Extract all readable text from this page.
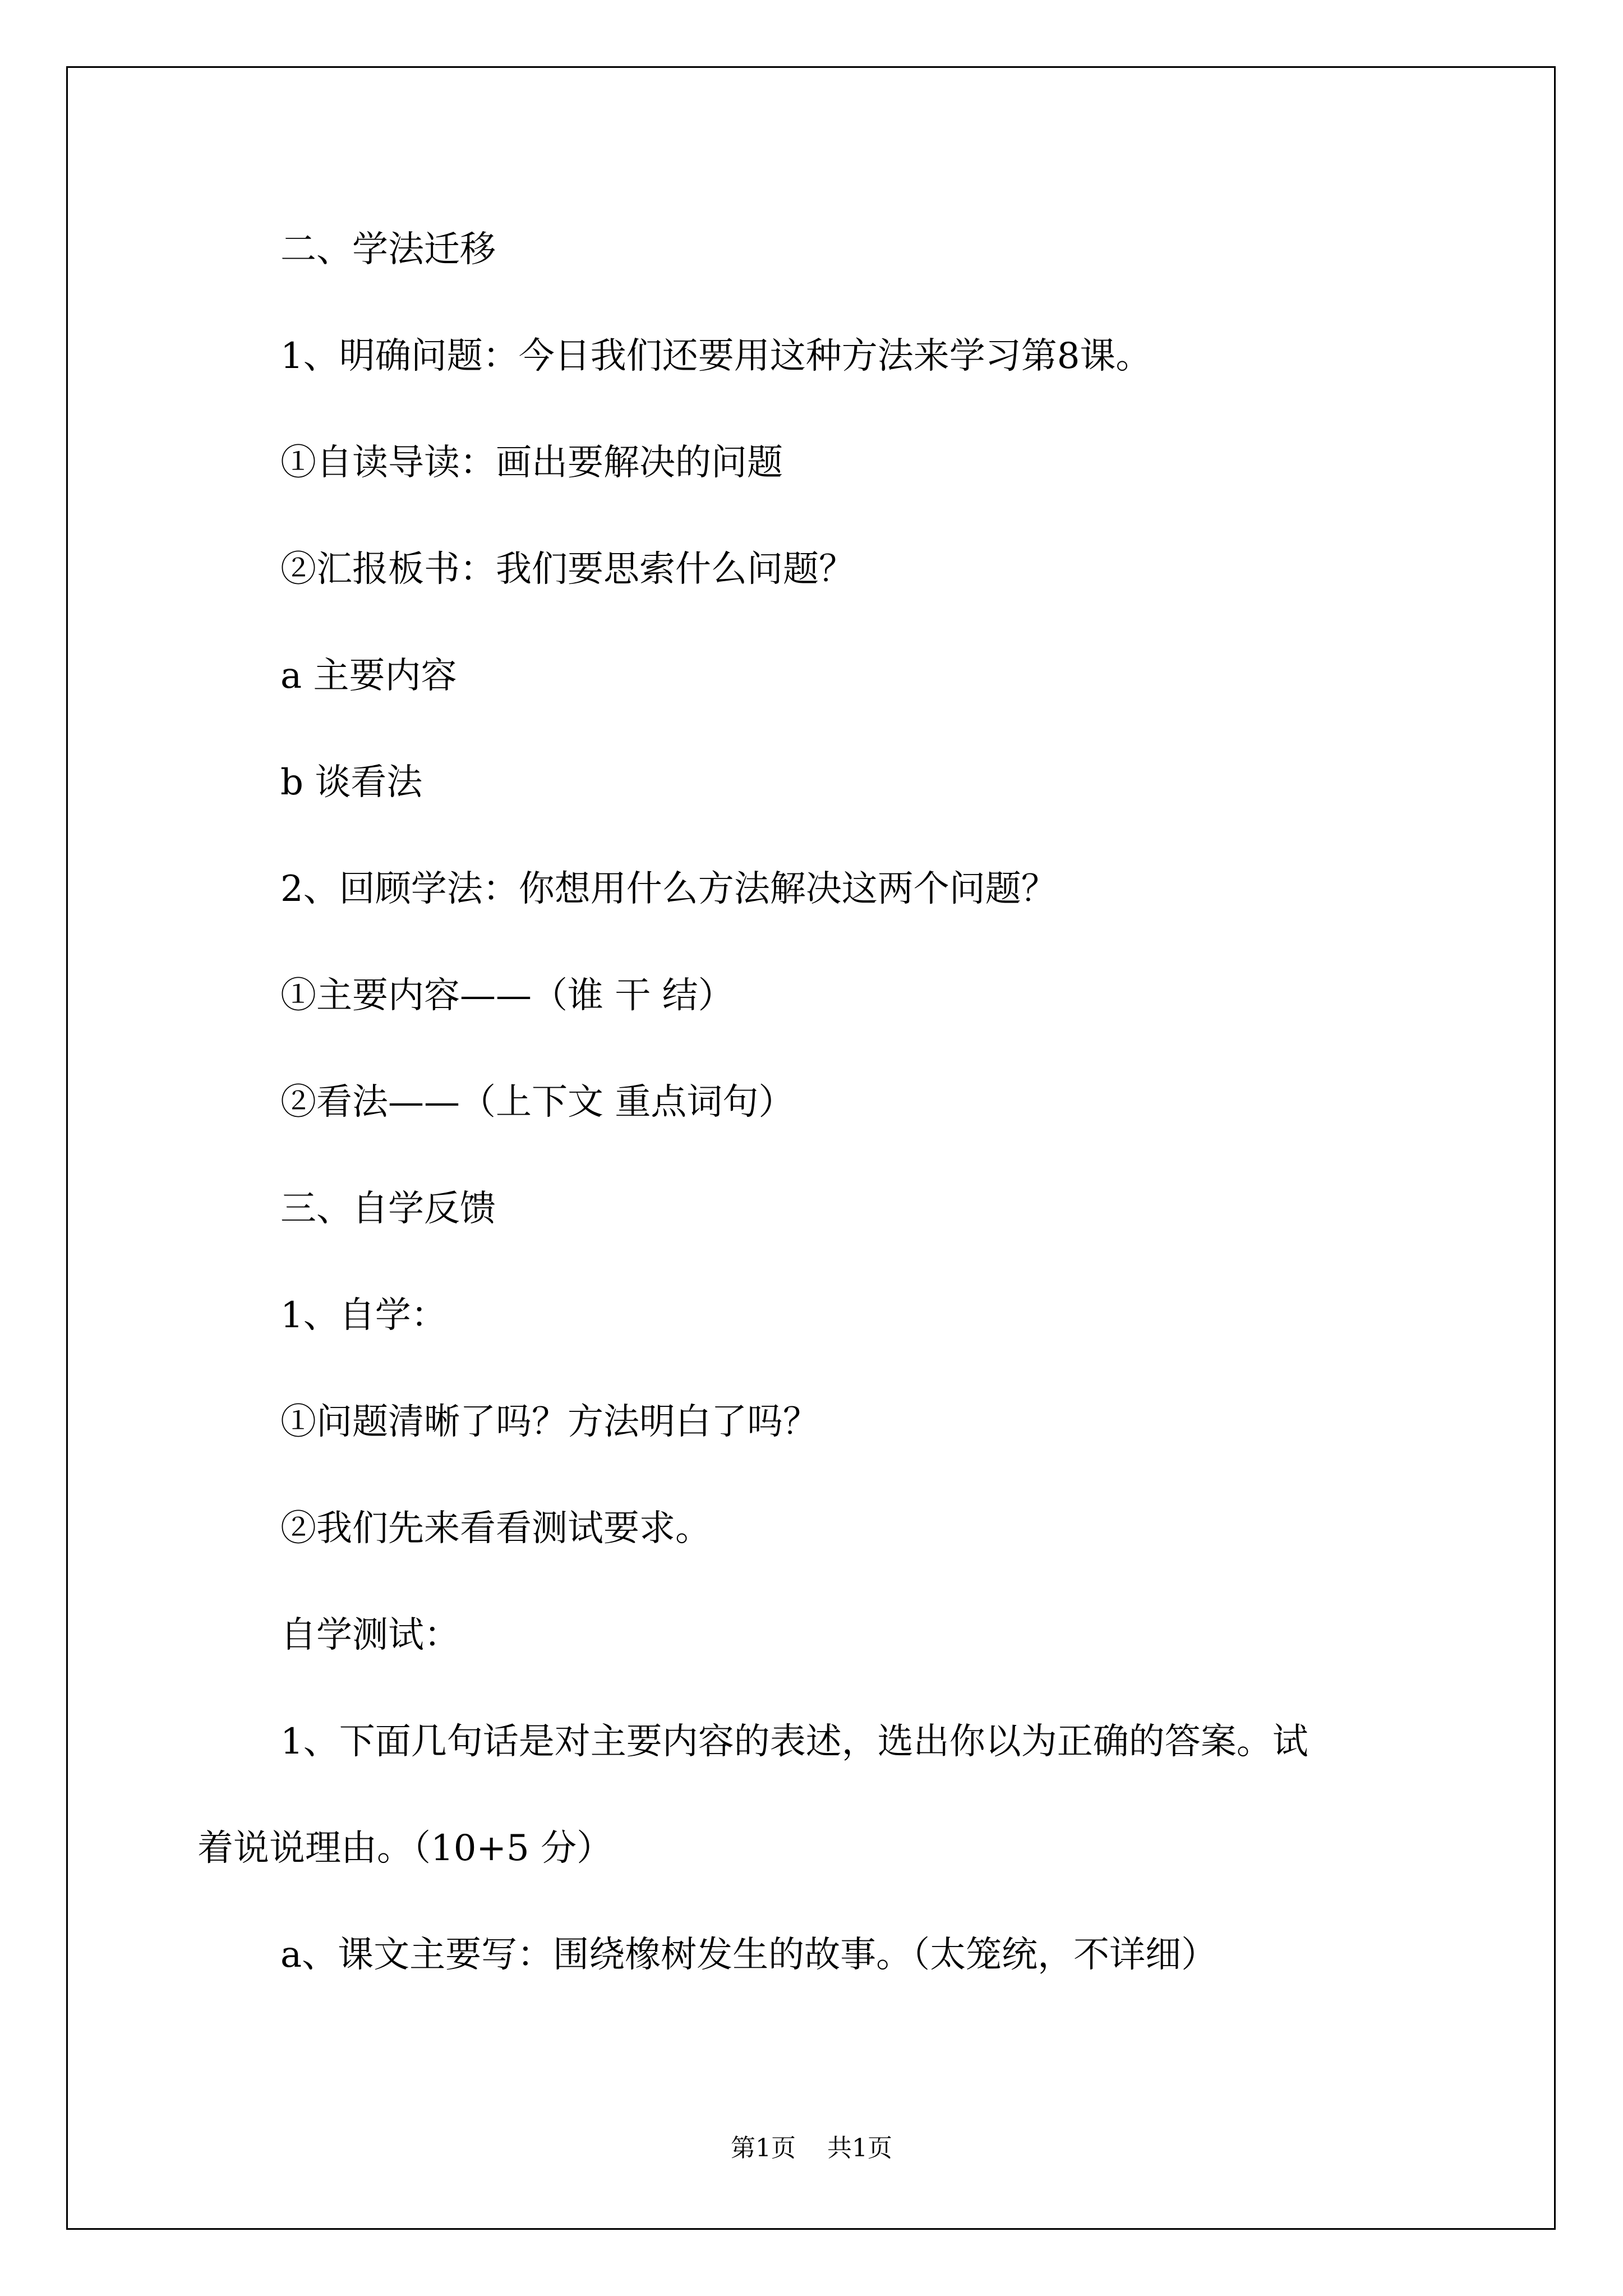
二、学法迁移

1、明确问题：今日我们还要用这种方法来学习第8课。

①自读导读：画出要解决的问题

②汇报板书：我们要思索什么问题？

a 主要内容

b 谈看法

2、回顾学法：你想用什么方法解决这两个问题？

①主要内容——（谁 干 结）

②看法——（上下文 重点词句）

三、自学反馈

1、自学：

①问题清晰了吗？方法明白了吗？

②我们先来看看测试要求。

自学测试：

1、下面几句话是对主要内容的表述，选出你以为正确的答案。试

着说说理由。（10+5 分）

a、课文主要写：围绕橡树发生的故事。（太笼统，不详细）

第1页    共1页
